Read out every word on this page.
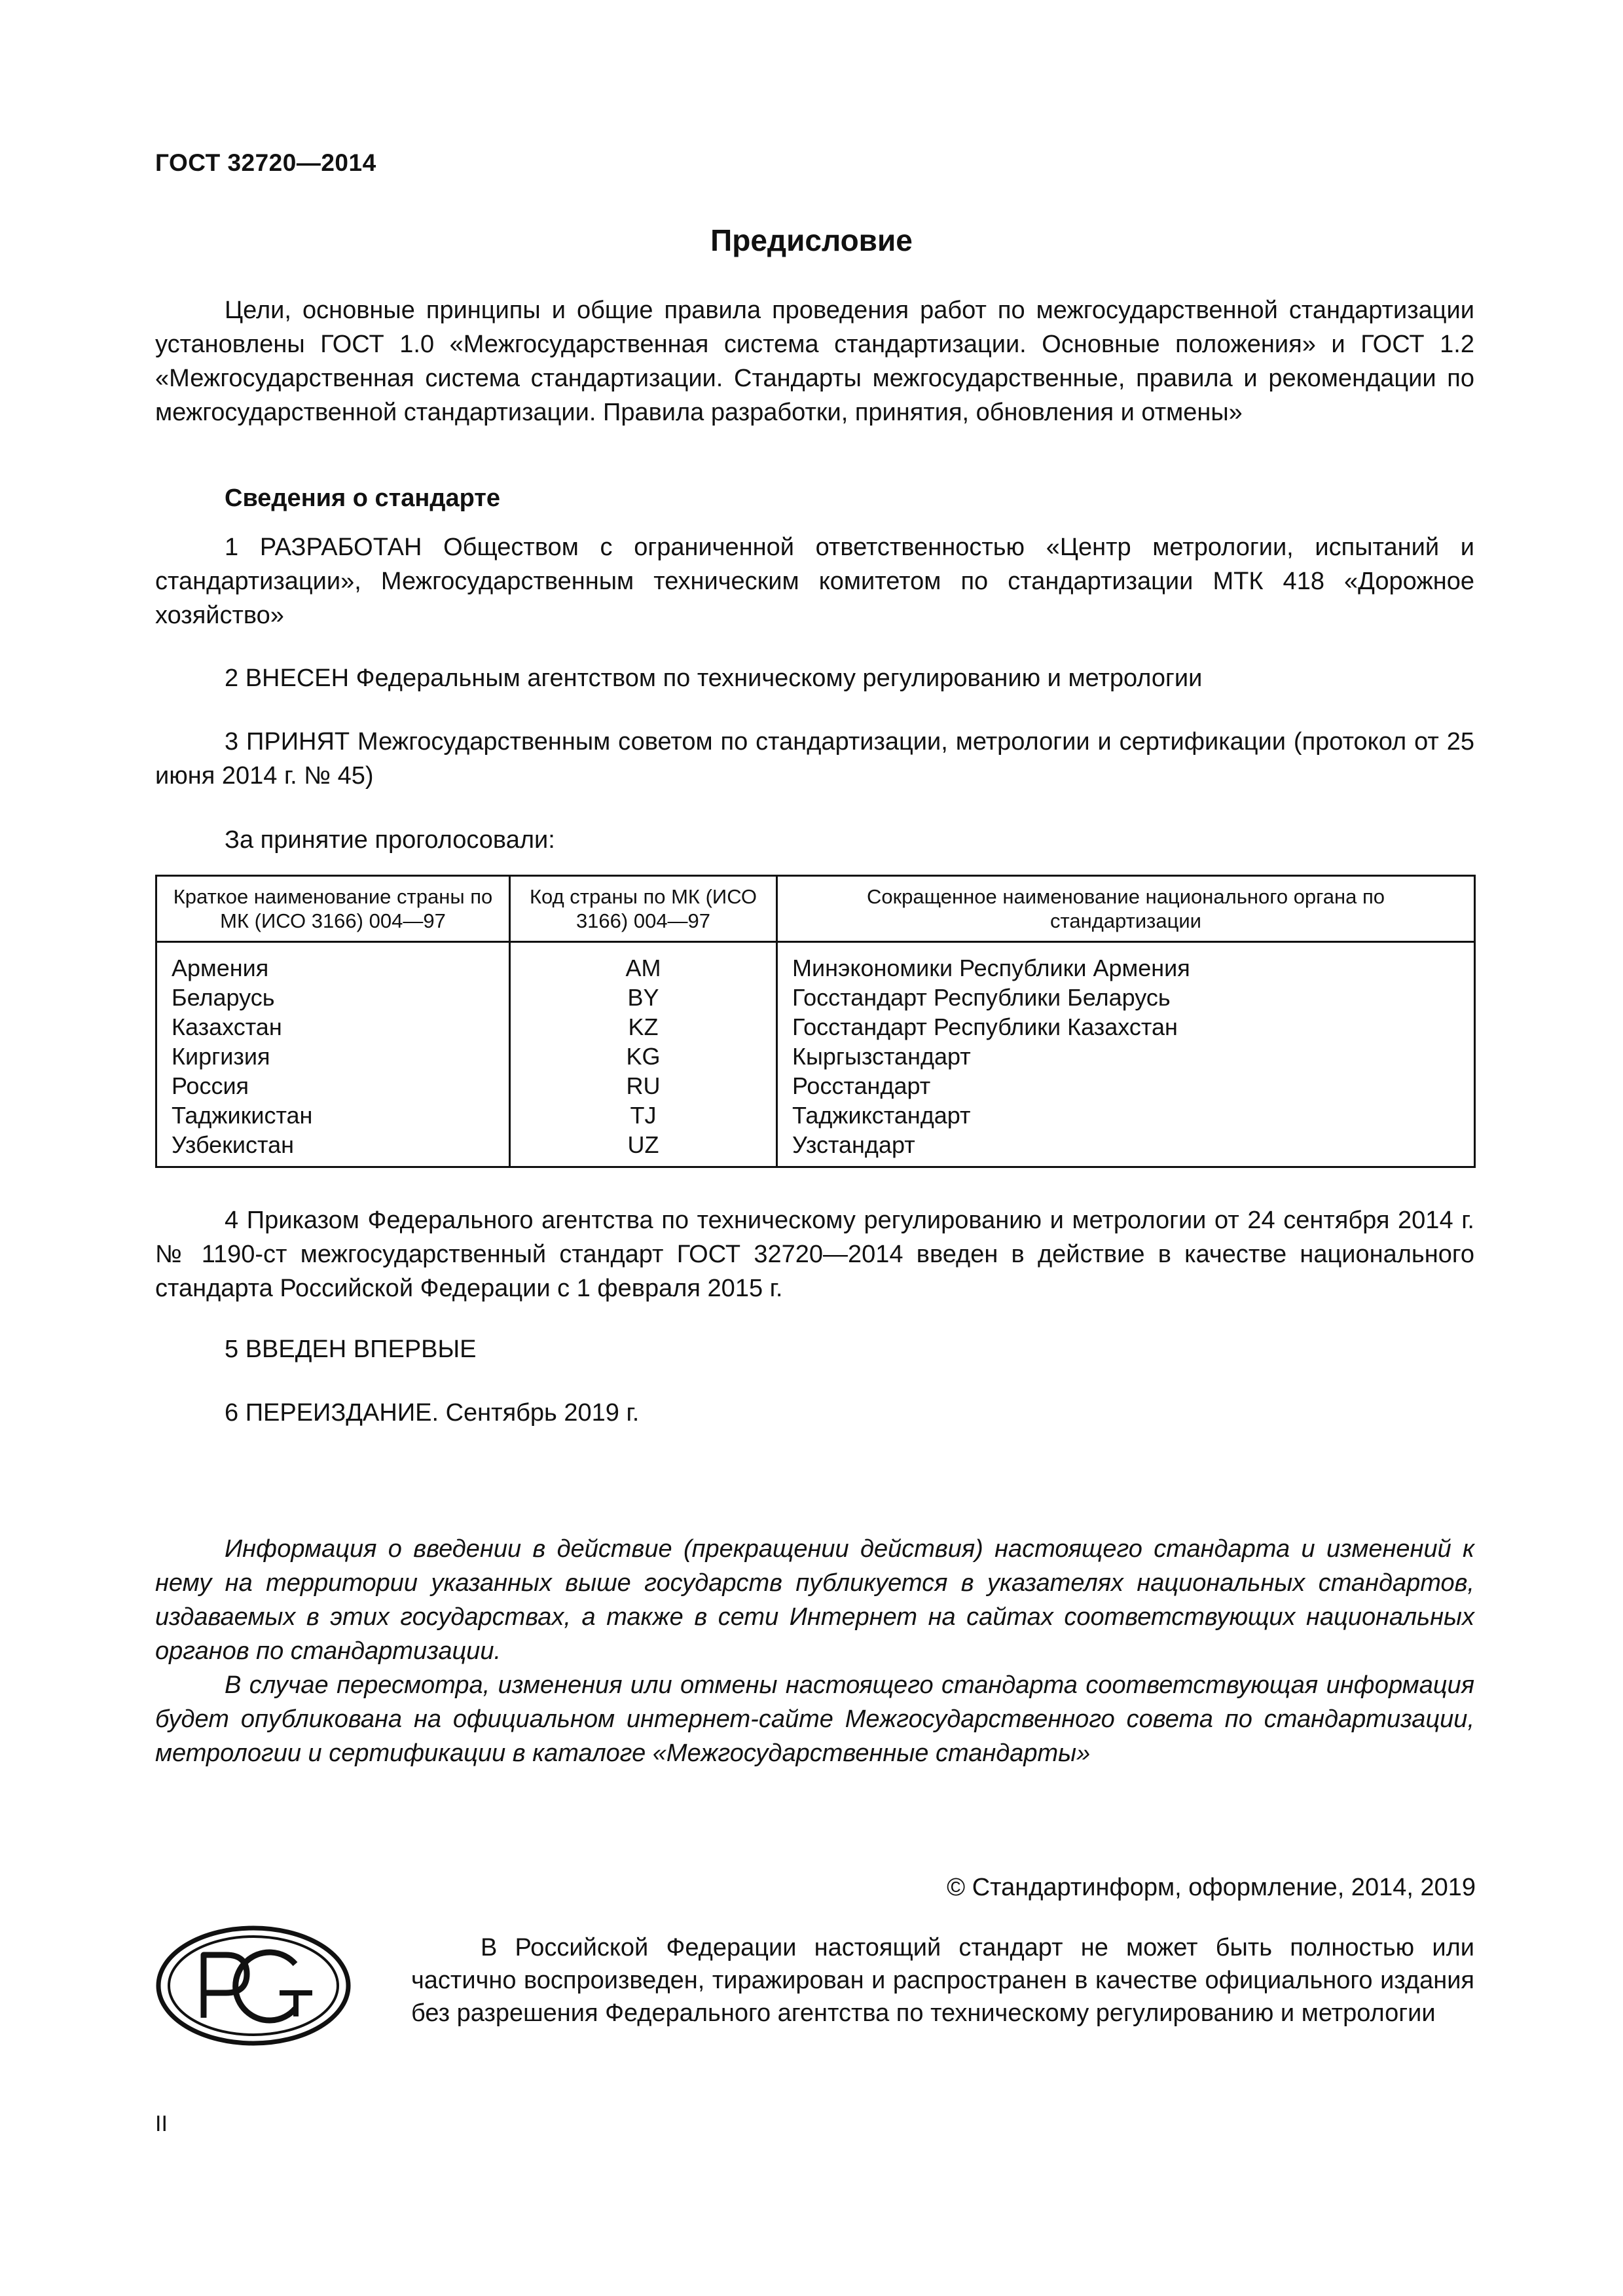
ГОСТ 32720—2014
Предисловие

Цели, основные принципы и общие правила проведения работ по межгосударственной стандартизации установлены ГОСТ 1.0 «Межгосударственная система стандартизации. Основные положения» и ГОСТ 1.2 «Межгосударственная система стандартизации. Стандарты межгосударственные, правила и рекомендации по межгосударственной стандартизации. Правила разработки, принятия, обновления и отмены»

Сведения о стандарте

1 РАЗРАБОТАН Обществом с ограниченной ответственностью «Центр метрологии, испытаний и стандартизации», Межгосударственным техническим комитетом по стандартизации МТК 418 «Дорожное хозяйство»

2 ВНЕСЕН Федеральным агентством по техническому регулированию и метрологии

3 ПРИНЯТ Межгосударственным советом по стандартизации, метрологии и сертификации (протокол от 25 июня 2014 г. № 45)

За принятие проголосовали:

Краткое наименование страны по МК (ИСО 3166) 004—97	Код страны по МК (ИСО 3166) 004—97	Сокращенное наименование национального органа по стандартизации
Армения	AM	Минэкономики Республики Армения
Беларусь	BY	Госстандарт Республики Беларусь
Казахстан	KZ	Госстандарт Республики Казахстан
Киргизия	KG	Кыргызстандарт
Россия	RU	Росстандарт
Таджикистан	TJ	Таджикстандарт
Узбекистан	UZ	Узстандарт

4 Приказом Федерального агентства по техническому регулированию и метрологии от 24 сентября 2014 г. № 1190-ст межгосударственный стандарт ГОСТ 32720—2014 введен в действие в качестве национального стандарта Российской Федерации с 1 февраля 2015 г.

5 ВВЕДЕН ВПЕРВЫЕ

6 ПЕРЕИЗДАНИЕ. Сентябрь 2019 г.

Информация о введении в действие (прекращении действия) настоящего стандарта и изменений к нему на территории указанных выше государств публикуется в указателях национальных стандартов, издаваемых в этих государствах, а также в сети Интернет на сайтах соответствующих национальных органов по стандартизации.

В случае пересмотра, изменения или отмены настоящего стандарта соответствующая информация будет опубликована на официальном интернет-сайте Межгосударственного совета по стандартизации, метрологии и сертификации в каталоге «Межгосударственные стандарты»

© Стандартинформ, оформление, 2014, 2019

В Российской Федерации настоящий стандарт не может быть полностью или частично воспроизведен, тиражирован и распространен в качестве официального издания без разрешения Федерального агентства по техническому регулированию и метрологии

II
